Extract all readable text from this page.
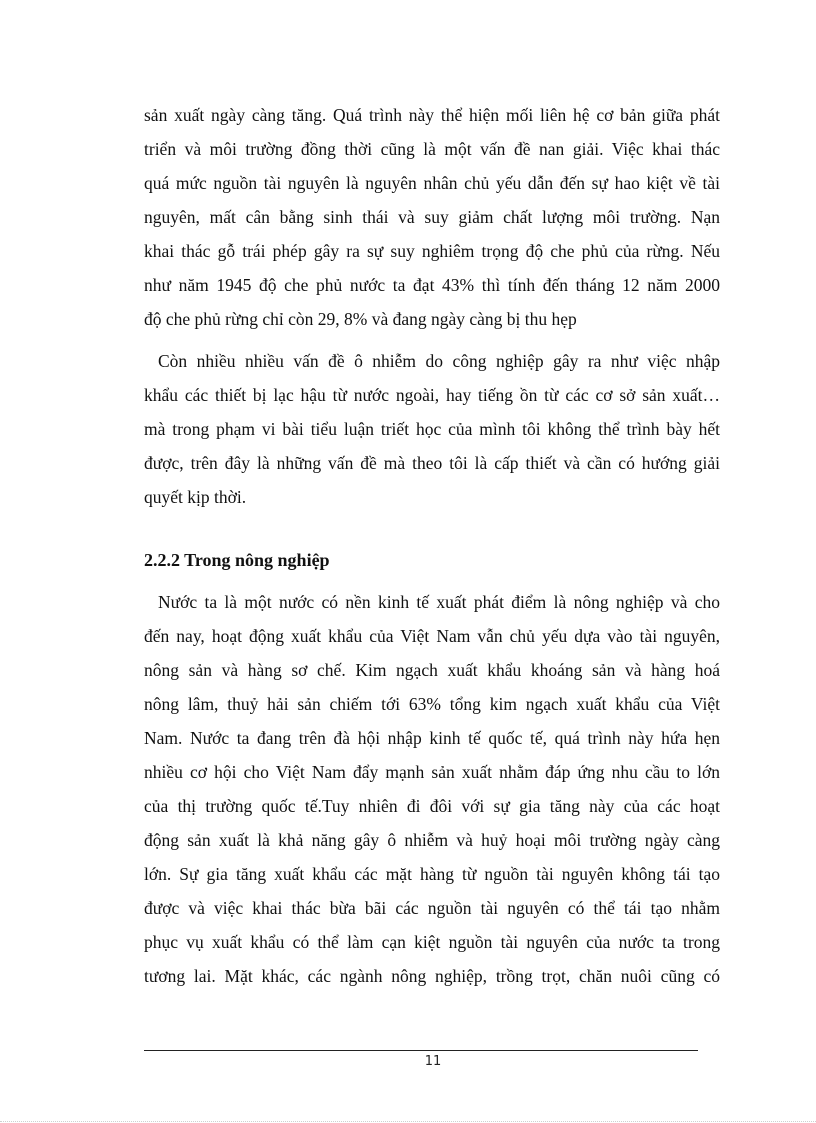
sản xuất ngày càng tăng. Quá trình này thể hiện mối liên hệ cơ bản giữa phát

triển và môi trường đồng thời cũng là một vấn đề nan giải. Việc khai thác

quá mức nguồn tài nguyên là nguyên nhân chủ yếu dẫn đến sự hao kiệt về tài

nguyên, mất cân bằng sinh thái và suy giảm chất lượng môi trường. Nạn

khai thác gỗ trái phép gây ra sự suy nghiêm trọng độ che phủ của rừng. Nếu

như năm 1945 độ che phủ nước ta đạt 43% thì tính đến tháng 12 năm 2000

độ che phủ rừng chỉ còn 29, 8% và đang ngày càng bị thu hẹp

Còn nhiều nhiều vấn đề ô nhiễm do công nghiệp gây ra như việc nhập

khẩu các thiết bị lạc hậu từ nước ngoài, hay tiếng ồn từ các cơ sở sản xuất…

mà trong phạm vi bài tiểu luận triết học của mình tôi không thể trình bày hết

được, trên đây là những vấn đề mà theo tôi là cấp thiết và cần có hướng giải

quyết kịp thời.

2.2.2 Trong nông nghiệp

Nước ta là một nước có nền kinh tế xuất phát điểm là nông nghiệp và cho

đến nay, hoạt động xuất khẩu của Việt Nam vẫn chủ yếu dựa vào tài nguyên,

nông sản và hàng sơ chế. Kim ngạch xuất khẩu khoáng sản và hàng hoá

nông lâm, thuỷ hải sản chiếm tới 63% tổng kim ngạch xuất khẩu của Việt

Nam. Nước ta đang trên đà hội nhập kinh tế quốc tế, quá trình này hứa hẹn

nhiều cơ hội cho Việt Nam đẩy mạnh sản xuất nhằm đáp ứng nhu cầu to lớn

của thị trường quốc tế.Tuy nhiên đi đôi với sự gia tăng này của các hoạt

động sản xuất là khả năng gây ô nhiễm và huỷ hoại môi trường ngày càng

lớn. Sự gia tăng xuất khẩu các mặt hàng từ nguồn tài nguyên không tái tạo

được và việc khai thác bừa bãi các nguồn tài nguyên có thể tái tạo nhằm

phục vụ xuất khẩu có thể làm cạn kiệt nguồn tài nguyên của nước ta trong

tương lai. Mặt khác, các ngành nông nghiệp, trồng trọt, chăn nuôi cũng có

11
